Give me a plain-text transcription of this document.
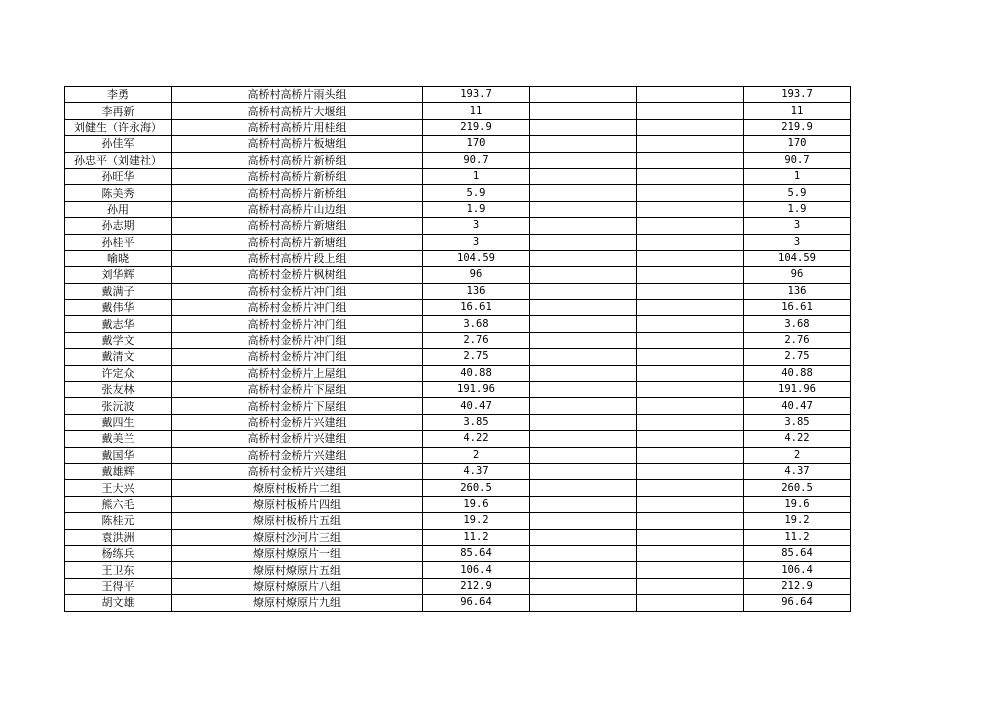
李勇	高桥村高桥片雨头组	193.7			193.7
李再新	高桥村高桥片大堰组	11			11
刘健生（许永海）	高桥村高桥片用桂组	219.9			219.9
孙佳军	高桥村高桥片板塘组	170			170
孙忠平（刘建社）	高桥村高桥片新桥组	90.7			90.7
孙旺华	高桥村高桥片新桥组	1			1
陈美秀	高桥村高桥片新桥组	5.9			5.9
孙用	高桥村高桥片山边组	1.9			1.9
孙志期	高桥村高桥片新塘组	3			3
孙桂平	高桥村高桥片新塘组	3			3
喻晓	高桥村高桥片段上组	104.59			104.59
刘华辉	高桥村金桥片枫树组	96			96
戴满子	高桥村金桥片冲门组	136			136
戴伟华	高桥村金桥片冲门组	16.61			16.61
戴志华	高桥村金桥片冲门组	3.68			3.68
戴学文	高桥村金桥片冲门组	2.76			2.76
戴清文	高桥村金桥片冲门组	2.75			2.75
许定众	高桥村金桥片上屋组	40.88			40.88
张友林	高桥村金桥片下屋组	191.96			191.96
张沅波	高桥村金桥片下屋组	40.47			40.47
戴四生	高桥村金桥片兴建组	3.85			3.85
戴美兰	高桥村金桥片兴建组	4.22			4.22
戴国华	高桥村金桥片兴建组	2			2
戴雄辉	高桥村金桥片兴建组	4.37			4.37
王大兴	燎原村板桥片二组	260.5			260.5
熊六毛	燎原村板桥片四组	19.6			19.6
陈桂元	燎原村板桥片五组	19.2			19.2
袁洪洲	燎原村沙河片三组	11.2			11.2
杨练兵	燎原村燎原片一组	85.64			85.64
王卫东	燎原村燎原片五组	106.4			106.4
王得平	燎原村燎原片八组	212.9			212.9
胡文雄	燎原村燎原片九组	96.64			96.64
